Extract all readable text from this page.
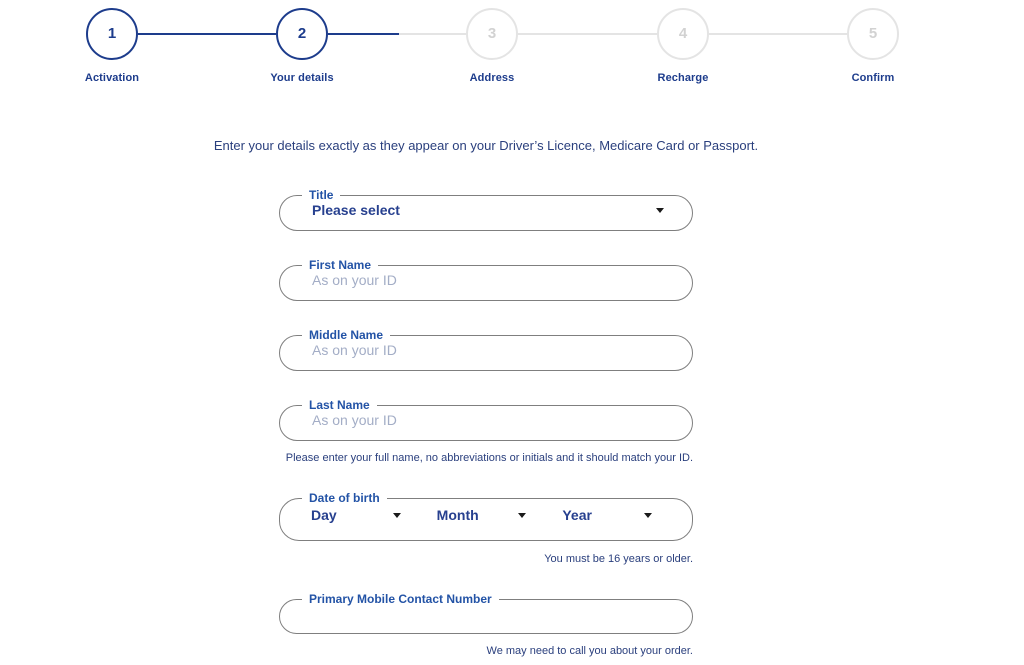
1
Activation
2
Your details
3
Address
4
Recharge
5
Confirm
Enter your details exactly as they appear on your Driver’s Licence, Medicare Card or Passport.
Title
Please select
First Name
As on your ID
Middle Name
As on your ID
Last Name
As on your ID
Please enter your full name, no abbreviations or initials and it should match your ID.
Date of birth
Day	Month	Year
You must be 16 years or older.
Primary Mobile Contact Number
We may need to call you about your order.
